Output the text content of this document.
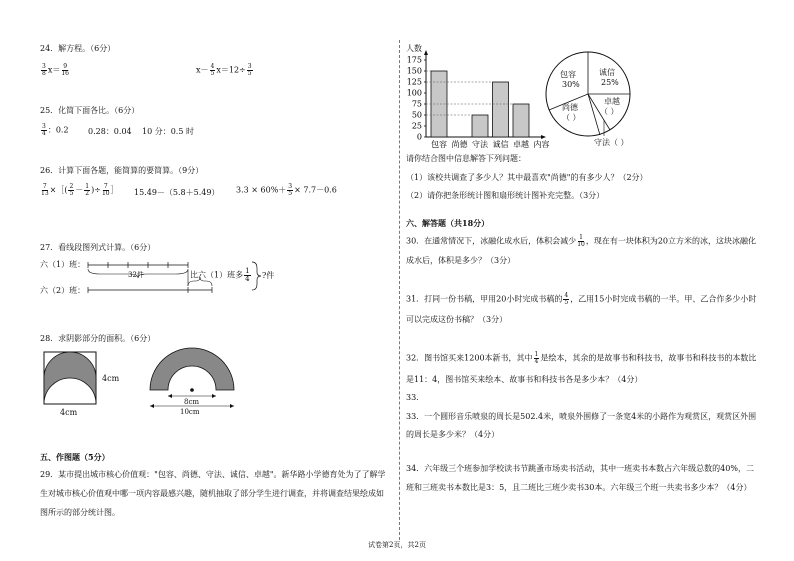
24．解方程。（6分）
$\frac{3}{8} x= \frac{9}{16}$	$x- \frac{4}{5} x=12\div \frac{3}{5}$
25．化简下面各比。（6分）
$\frac{3}{4}$ ：0.2 0.28：0.04 10 分：0.5 时
26．计算下面各题，能简算的要简算。（9分）
$\frac{7}{13}$ ×［( $\frac{2}{5} - \frac{1}{2}$ )÷ $\frac{7}{10}$ ］ 15.49－（5.8＋5.49） $3.3 \times 60\%+ \frac{3}{5} \times 7.7-0.6$
27．看线段图列式计算。（6分）
六（1）班：
六（2）班：
32件	比六（1）班多 $\frac{1}{4}$ ?件
28．求阴影部分的面积。（6分）
4cm
4cm
8cm
10cm
五、作图题（5分）
29．某市提出城市核心价值观："包容、尚德、守法、诚信、卓越"。新华路小学德育处为了了解学
生对城市核心价值观中哪一项内容最感兴趣，随机抽取了部分学生进行调查，并将调查结果绘成如
图所示的部分统计图。
0
25
50
75
100
125
150
175
包容 尚德 守法 诚信 卓越 内容
人数
包容
30%
诚信
25%
卓越
（ ）
尚德
（ ）
守法（ ）
请你结合图中信息解答下列问题：
（1）该校共调查了多少人？其中最喜欢"尚德"的有多少人？（2分）
（2）请你把条形统计图和扇形统计图补充完整。（3分）
六、解答题（共18分）
30．在通常情况下，冰融化成水后，体积会减少 $\frac{1}{10}$ ，现在有一块体积为20立方米的冰，这块冰融化
成水后，体积是多少？（3分）
31．打同一份书稿，甲用20小时完成书稿的 $\frac{4}{5}$ ，乙用15小时完成书稿的一半。甲、乙合作多少小时
可以完成这份书稿？（3分）
32．图书馆买来1200本新书，其中 $\frac{1}{4}$ 是绘本，其余的是故事书和科技书，故事书和科技书的本数比
是11：4，图书馆买来绘本、故事书和科技书各是多少本？（4分）
33．
33．一个圆形音乐喷泉的周长是502.4米，喷泉外围修了一条宽4米的小路作为观赏区，观赏区外围
的周长是多少米？（4分）
34．六年级三个班参加学校读书节跳蚤市场卖书活动，其中一班卖书本数占六年级总数的40%，二
班和三班卖书本数比是3：5，且二班比三班少卖书30本。六年级三个班一共卖书多少本？（4分）
试卷第2页，共2页
